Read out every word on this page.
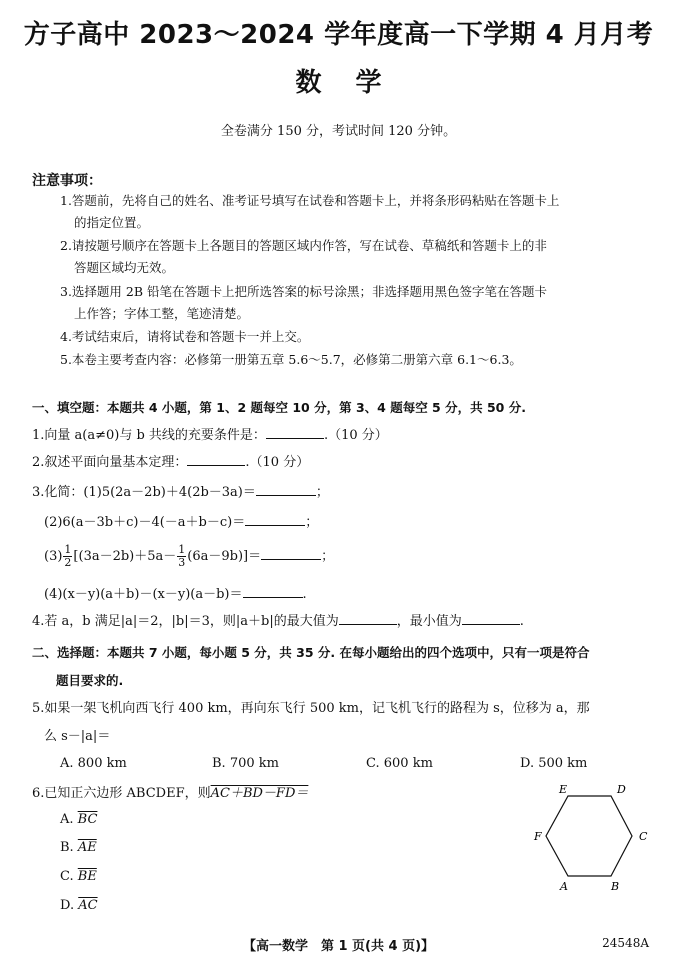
方子高中 2023～2024 学年度高一下学期 4 月月考
数学
全卷满分 150 分，考试时间 120 分钟。
注意事项：
1.答题前，先将自己的姓名、准考证号填写在试卷和答题卡上，并将条形码粘贴在答题卡上
的指定位置。
2.请按题号顺序在答题卡上各题目的答题区域内作答，写在试卷、草稿纸和答题卡上的非
答题区域均无效。
3.选择题用 2B 铅笔在答题卡上把所选答案的标号涂黑；非选择题用黑色签字笔在答题卡
上作答；字体工整，笔迹清楚。
4.考试结束后，请将试卷和答题卡一并上交。
5.本卷主要考查内容：必修第一册第五章 5.6～5.7，必修第二册第六章 6.1～6.3。
一、填空题：本题共 4 小题，第 1、2 题每空 10 分，第 3、4 题每空 5 分，共 50 分.
1.向量 a(a≠0)与 b 共线的充要条件是：	.（10 分）
2.叙述平面向量基本定理：	.（10 分）
3.化简：(1)5(2a－2b)＋4(2b－3a)＝	；
(2)6(a－3b＋c)－4(－a＋b－c)＝	；
$(3) \frac{1}{2} [(3a-2b)+5a- \frac{1}{3} (6a-9b)]=$	；
(4)(x－y)(a＋b)－(x－y)(a－b)＝	.
4.若 a，b 满足|a|＝2，|b|＝3，则|a＋b|的最大值为	，最小值为	.
二、选择题：本题共 7 小题，每小题 5 分，共 35 分. 在每小题给出的四个选项中，只有一项是符合
题目要求的.
5.如果一架飞机向西飞行 400 km，再向东飞行 500 km，记飞机飞行的路程为 s，位移为 a，那
么 s－|a|＝
A. 800 km	B. 700 km	C. 600 km	D. 500 km
6.已知正六边形 ABCDEF，则AC＋BD－FD＝
A. $\overline{BC}$
B. $\overline{AE}$
C. $\overline{BE}$
D. $\overline{AC}$
A	B
C
D
E
F
【高一数学　第 1 页(共 4 页)】	24548A
